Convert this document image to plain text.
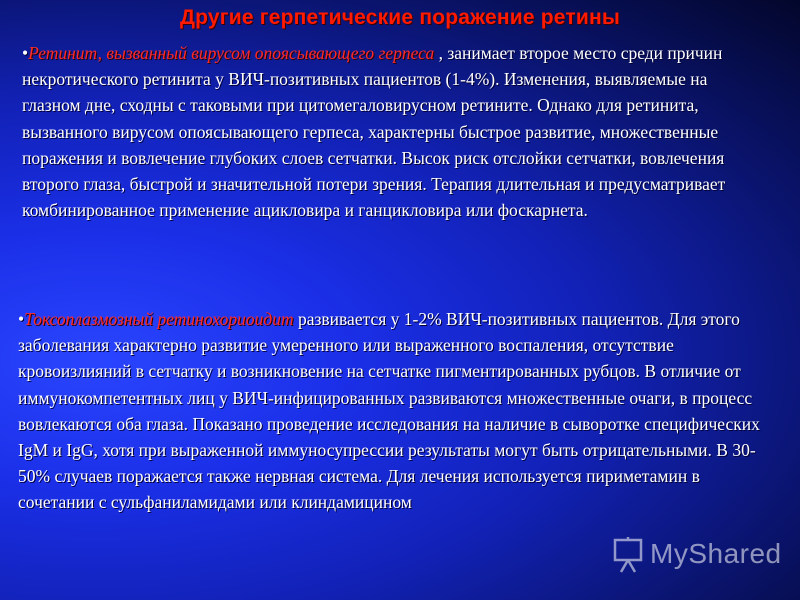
Другие герпетические поражение ретины
•Ретинит, вызванный вирусом опоясывающего герпеса , занимает второе место среди причин некротического ретинита у ВИЧ-позитивных пациентов (1-4%). Изменения, выявляемые на глазном дне, сходны с таковыми при цитомегаловирусном ретините. Однако для ретинита, вызванного вирусом опоясывающего герпеса, характерны быстрое развитие, множественные поражения и вовлечение глубоких слоев сетчатки. Высок риск отслойки сетчатки, вовлечения второго глаза, быстрой и значительной потери зрения. Терапия длительная и предусматривает комбинированное применение ацикловира и ганцикловира или фоскарнета.
•Токсоплазмозный ретинохориоидит развивается у 1-2% ВИЧ-позитивных пациентов. Для этого заболевания характерно развитие умеренного или выраженного воспаления, отсутствие кровоизлияний в сетчатку и возникновение на сетчатке пигментированных рубцов. В отличие от иммунокомпетентных лиц у ВИЧ-инфицированных развиваются множественные очаги, в процесс вовлекаются оба глаза. Показано проведение исследования на наличие в сыворотке специфических IgM и IgG, хотя при выраженной иммуносупрессии результаты могут быть отрицательными. В 30-50% случаев поражается также нервная система. Для лечения используется пириметамин в сочетании с сульфаниламидами или клиндамицином
MyShared
